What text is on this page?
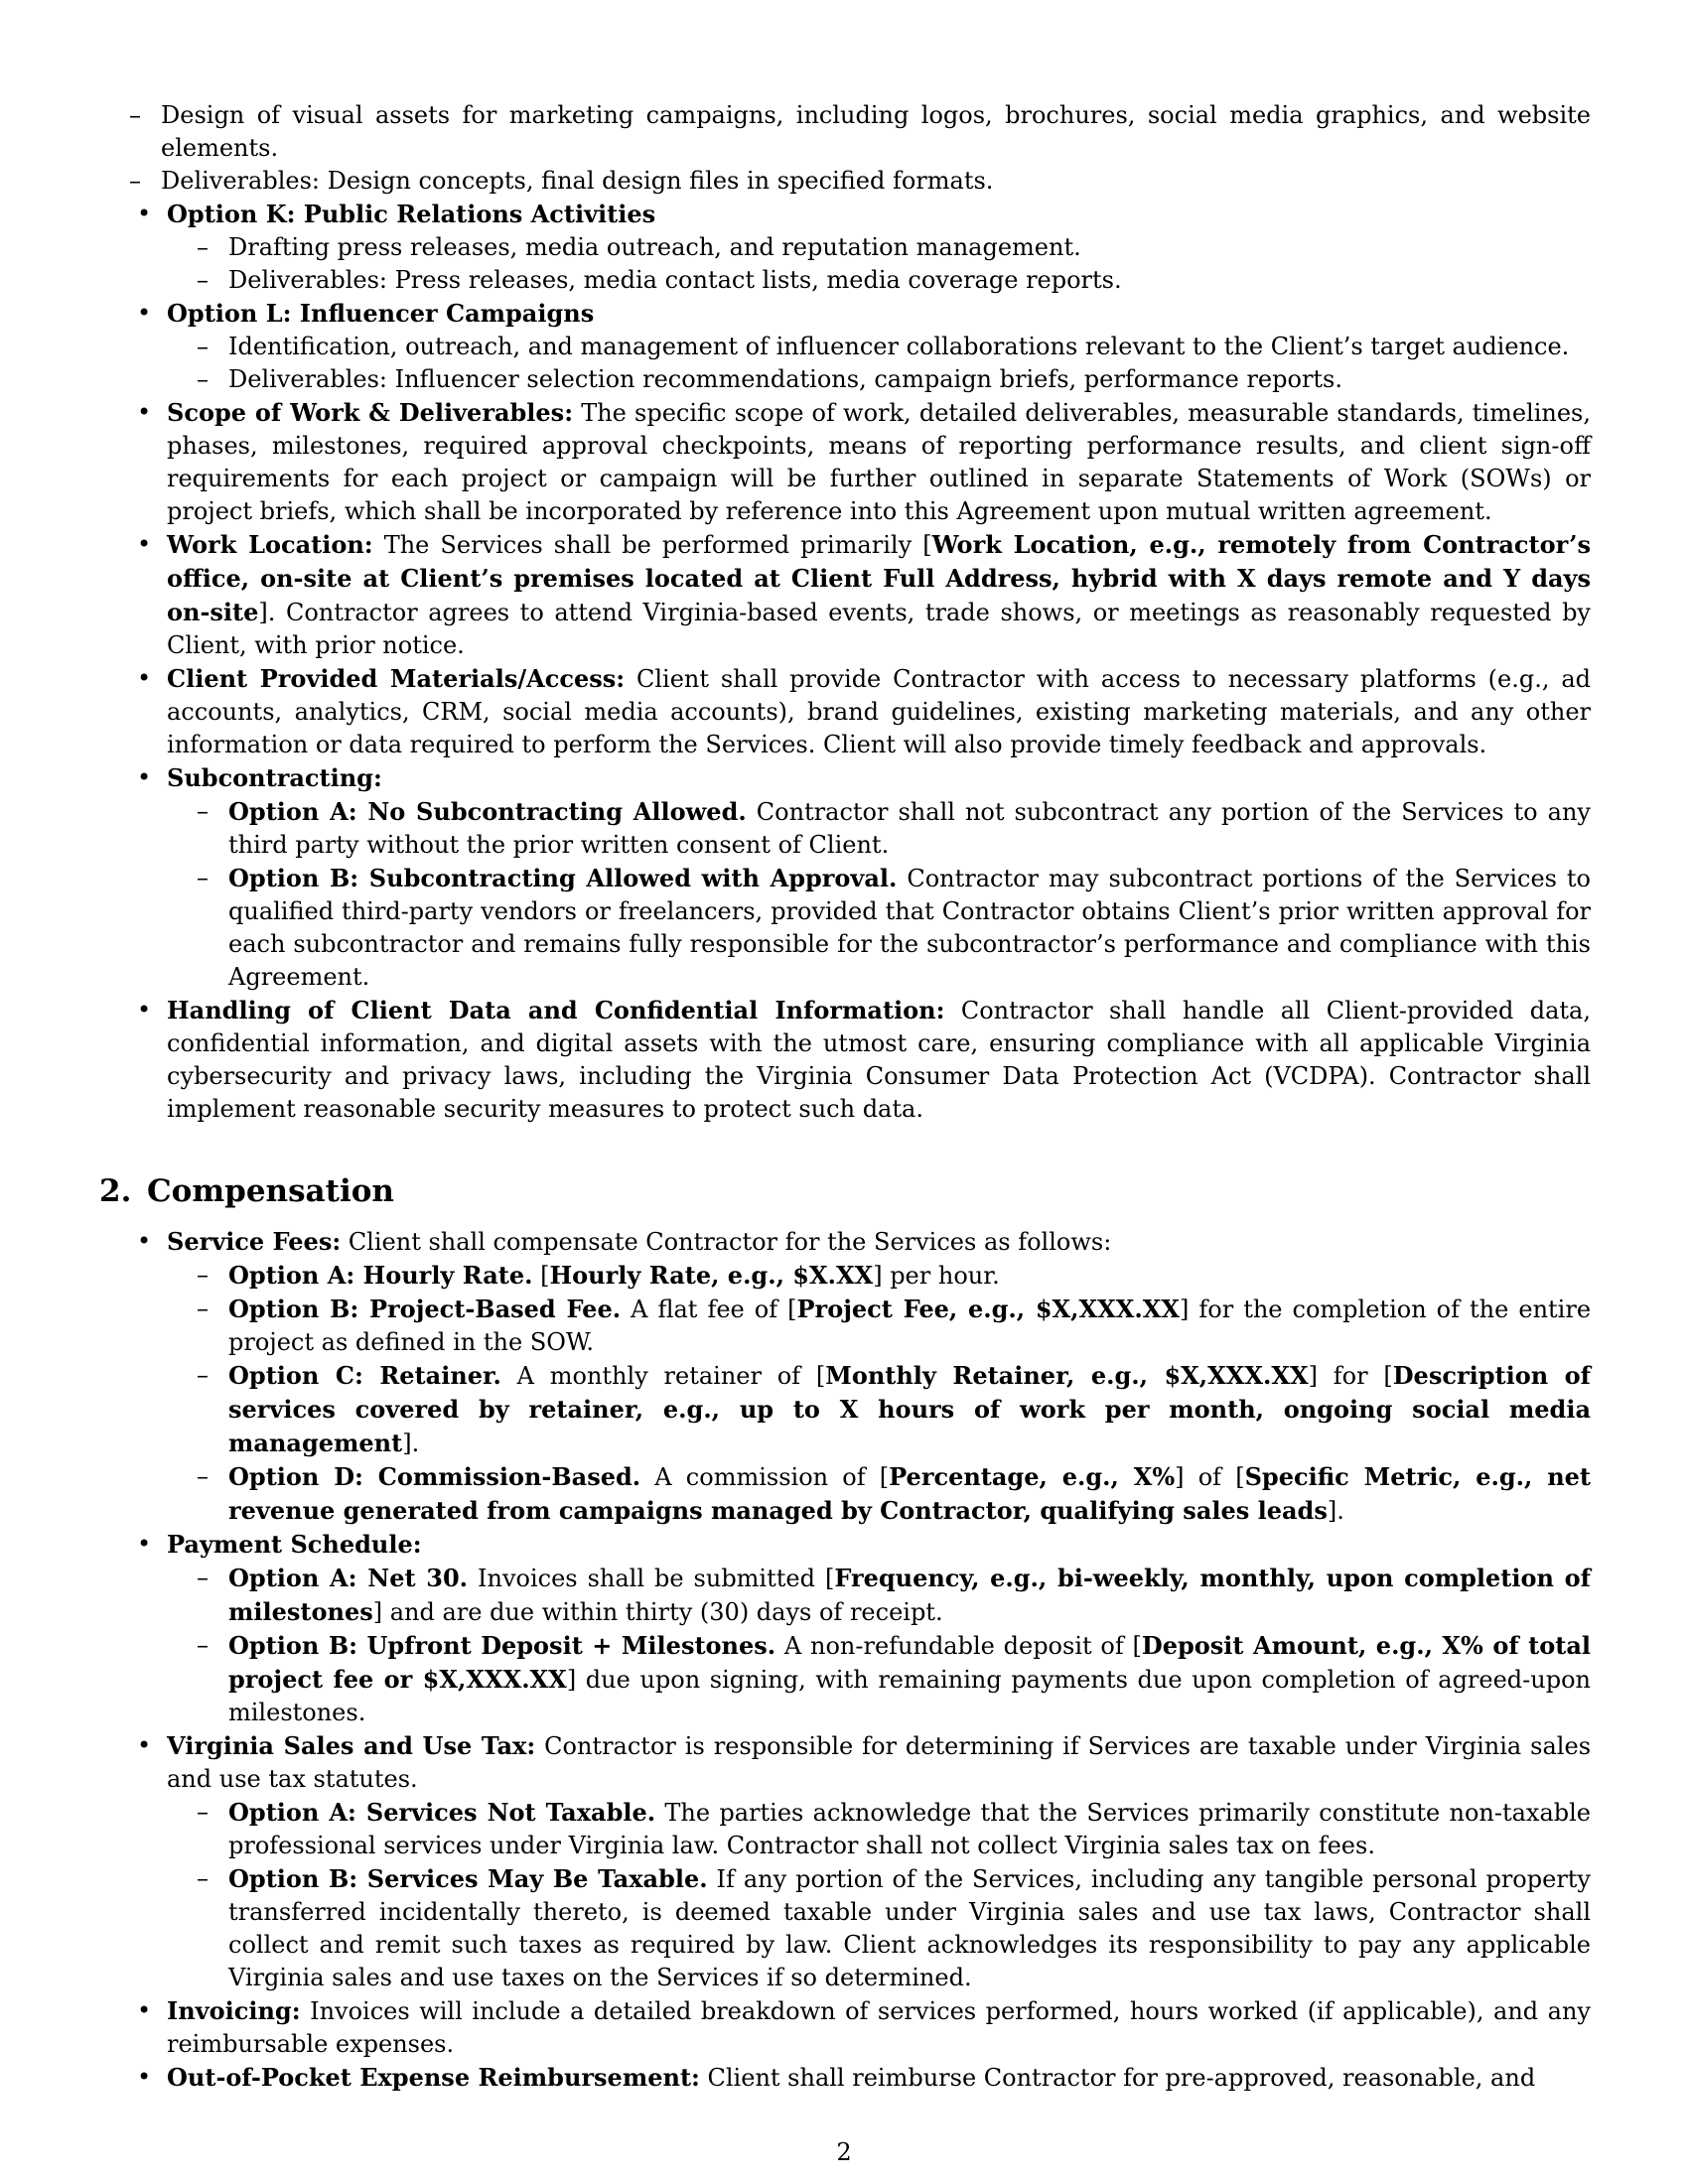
– Design of visual assets for marketing campaigns, including logos, brochures, social media graphics, and website elements.
– Deliverables: Design concepts, final design files in specified formats.
• Option K: Public Relations Activities
– Drafting press releases, media outreach, and reputation management.
– Deliverables: Press releases, media contact lists, media coverage reports.
• Option L: Influencer Campaigns
– Identification, outreach, and management of influencer collaborations relevant to the Client’s target audience.
– Deliverables: Influencer selection recommendations, campaign briefs, performance reports.
• Scope of Work & Deliverables: The specific scope of work, detailed deliverables, measurable standards, timelines, phases, milestones, required approval checkpoints, means of reporting performance results, and client sign-off requirements for each project or campaign will be further outlined in separate Statements of Work (SOWs) or project briefs, which shall be incorporated by reference into this Agreement upon mutual written agreement.
• Work Location: The Services shall be performed primarily [Work Location, e.g., remotely from Contractor’s office, on-site at Client’s premises located at Client Full Address, hybrid with X days remote and Y days on-site]. Contractor agrees to attend Virginia-based events, trade shows, or meetings as reasonably requested by Client, with prior notice.
• Client Provided Materials/Access: Client shall provide Contractor with access to necessary platforms (e.g., ad accounts, analytics, CRM, social media accounts), brand guidelines, existing marketing materials, and any other information or data required to perform the Services. Client will also provide timely feedback and approvals.
• Subcontracting:
– Option A: No Subcontracting Allowed. Contractor shall not subcontract any portion of the Services to any third party without the prior written consent of Client.
– Option B: Subcontracting Allowed with Approval. Contractor may subcontract portions of the Services to qualified third-party vendors or freelancers, provided that Contractor obtains Client’s prior written approval for each subcontractor and remains fully responsible for the subcontractor’s performance and compliance with this Agreement.
• Handling of Client Data and Confidential Information: Contractor shall handle all Client-provided data, confidential information, and digital assets with the utmost care, ensuring compliance with all applicable Virginia cybersecurity and privacy laws, including the Virginia Consumer Data Protection Act (VCDPA). Contractor shall implement reasonable security measures to protect such data.
2. Compensation
• Service Fees: Client shall compensate Contractor for the Services as follows:
– Option A: Hourly Rate. [Hourly Rate, e.g., $X.XX] per hour.
– Option B: Project-Based Fee. A flat fee of [Project Fee, e.g., $X,XXX.XX] for the completion of the entire project as defined in the SOW.
– Option C: Retainer. A monthly retainer of [Monthly Retainer, e.g., $X,XXX.XX] for [Description of services covered by retainer, e.g., up to X hours of work per month, ongoing social media management].
– Option D: Commission-Based. A commission of [Percentage, e.g., X%] of [Specific Metric, e.g., net revenue generated from campaigns managed by Contractor, qualifying sales leads].
• Payment Schedule:
– Option A: Net 30. Invoices shall be submitted [Frequency, e.g., bi-weekly, monthly, upon completion of milestones] and are due within thirty (30) days of receipt.
– Option B: Upfront Deposit + Milestones. A non-refundable deposit of [Deposit Amount, e.g., X% of total project fee or $X,XXX.XX] due upon signing, with remaining payments due upon completion of agreed-upon milestones.
• Virginia Sales and Use Tax: Contractor is responsible for determining if Services are taxable under Virginia sales and use tax statutes.
– Option A: Services Not Taxable. The parties acknowledge that the Services primarily constitute non-taxable professional services under Virginia law. Contractor shall not collect Virginia sales tax on fees.
– Option B: Services May Be Taxable. If any portion of the Services, including any tangible personal property transferred incidentally thereto, is deemed taxable under Virginia sales and use tax laws, Contractor shall collect and remit such taxes as required by law. Client acknowledges its responsibility to pay any applicable Virginia sales and use taxes on the Services if so determined.
• Invoicing: Invoices will include a detailed breakdown of services performed, hours worked (if applicable), and any reimbursable expenses.
• Out-of-Pocket Expense Reimbursement: Client shall reimburse Contractor for pre-approved, reasonable, and
2
